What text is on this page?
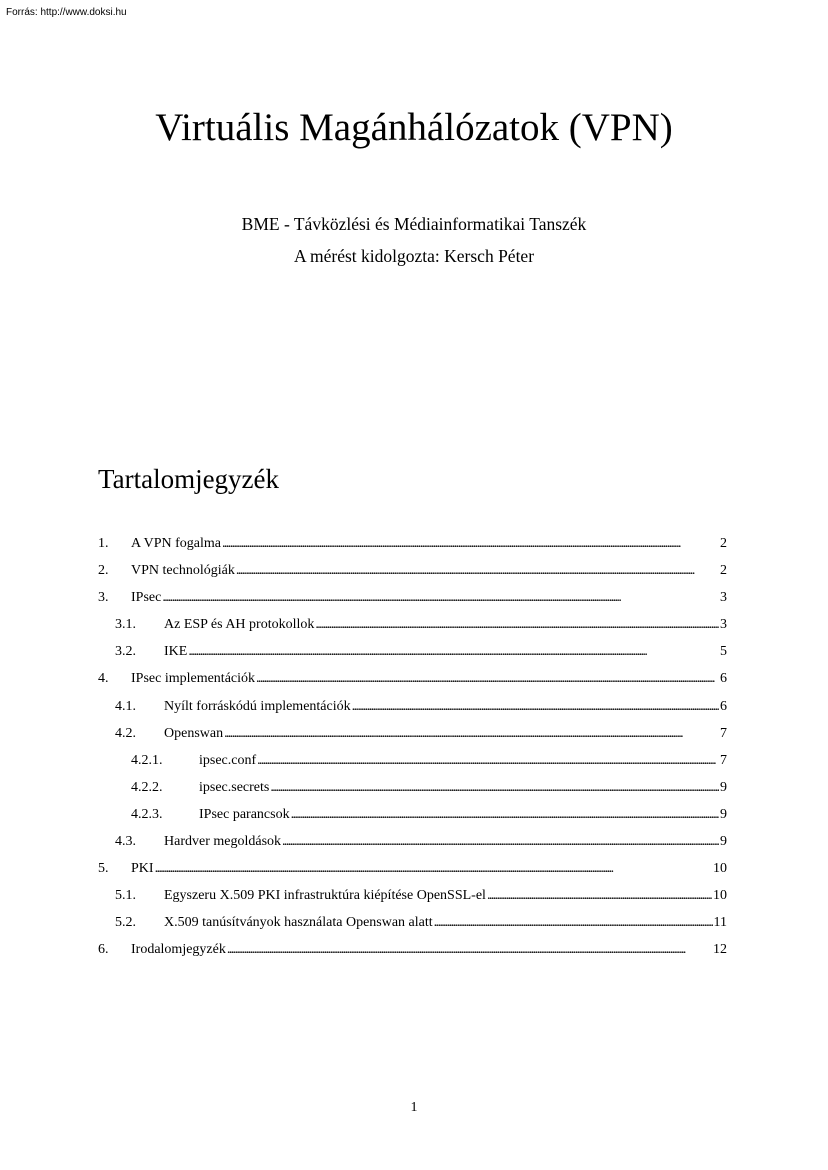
Forrás: http://www.doksi.hu
Virtuális Magánhálózatok (VPN)
BME - Távközlési és Médiainformatikai Tanszék
A mérést kidolgozta: Kersch Péter
Tartalomjegyzék
1.	A VPN fogalma . . .	2
2.	VPN technológiák . . .	2
3.	IPsec . . .	3
3.1.	Az ESP és AH protokollok . . .	3
3.2.	IKE . . .	5
4.	IPsec implementációk . . .	6
4.1.	Nyílt forráskódú implementációk . . .	6
4.2.	Openswan . . .	7
4.2.1.	ipsec.conf . . .	7
4.2.2.	ipsec.secrets . . .	9
4.2.3.	IPsec parancsok . . .	9
4.3.	Hardver megoldások . . .	9
5.	PKI . . .	10
5.1.	Egyszeru X.509 PKI infrastruktúra kiépítése OpenSSL-el . . .	10
5.2.	X.509 tanúsítványok használata Openswan alatt . . .	11
6.	Irodalomjegyzék . . .	12
1
